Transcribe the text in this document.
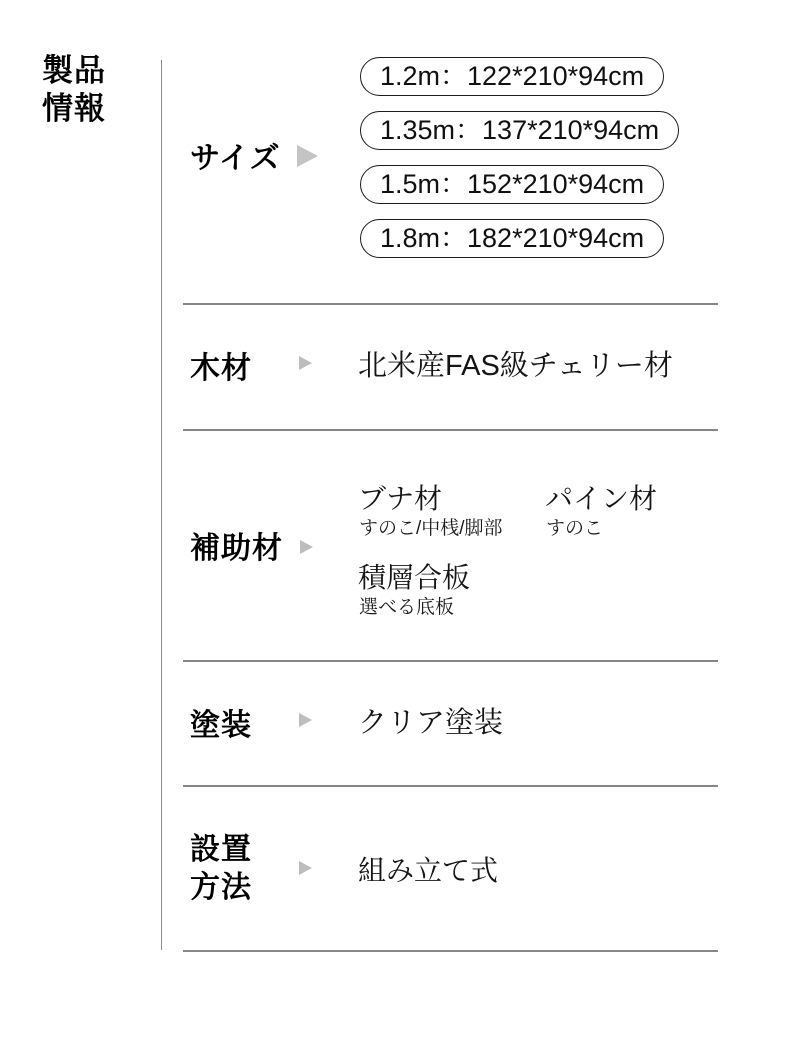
製品
情報
サイズ
1.2m：122*210*94cm
1.35m：137*210*94cm
1.5m：152*210*94cm
1.8m：182*210*94cm
木材	北米産FAS級チェリー材
補助材
ブナ材
すのこ/中桟/脚部
パイン材
すのこ
積層合板
選べる底板
塗装	クリア塗装
設置
方法
組み立て式
